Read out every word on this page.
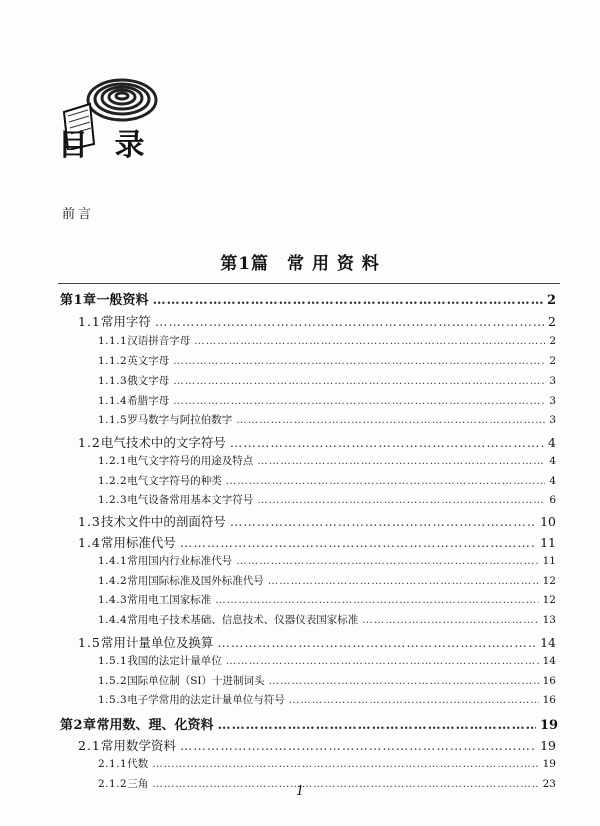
目 录
前言
第1篇　常 用 资 料
第1章 一般资料 ………………………………………………………………………………………………………………………………………………………………………………………………………………………	2
1.1 常用字符 ………………………………………………………………………………………………………………………………………………………………………………………………………………………	2
1.1.1 汉语拼音字母 ………………………………………………………………………………………………………………………………………………………………………………………………………………………	2
1.1.2 英文字母 ………………………………………………………………………………………………………………………………………………………………………………………………………………………	2
1.1.3 俄文字母 ………………………………………………………………………………………………………………………………………………………………………………………………………………………	3
1.1.4 希腊字母 ………………………………………………………………………………………………………………………………………………………………………………………………………………………	3
1.1.5 罗马数字与阿拉伯数字 ………………………………………………………………………………………………………………………………………………………………………………………………………………………	3
1.2 电气技术中的文字符号 ………………………………………………………………………………………………………………………………………………………………………………………………………………………	4
1.2.1 电气文字符号的用途及特点 ………………………………………………………………………………………………………………………………………………………………………………………………………………………	4
1.2.2 电气文字符号的种类 ………………………………………………………………………………………………………………………………………………………………………………………………………………………	4
1.2.3 电气设备常用基本文字符号 ………………………………………………………………………………………………………………………………………………………………………………………………………………………	6
1.3 技术文件中的剖面符号 ………………………………………………………………………………………………………………………………………………………………………………………………………………………	10
1.4 常用标准代号 ………………………………………………………………………………………………………………………………………………………………………………………………………………………	11
1.4.1 常用国内行业标准代号 ………………………………………………………………………………………………………………………………………………………………………………………………………………………	11
1.4.2 常用国际标准及国外标准代号 ………………………………………………………………………………………………………………………………………………………………………………………………………………………	12
1.4.3 常用电工国家标准 ………………………………………………………………………………………………………………………………………………………………………………………………………………………	12
1.4.4 常用电子技术基础、信息技术、仪器仪表国家标准 ………………………………………………………………………………………………………………………………………………………………………………………………………………………	13
1.5 常用计量单位及换算 ………………………………………………………………………………………………………………………………………………………………………………………………………………………	14
1.5.1 我国的法定计量单位 ………………………………………………………………………………………………………………………………………………………………………………………………………………………	14
1.5.2 国际单位制（SI）十进制词头 ………………………………………………………………………………………………………………………………………………………………………………………………………………………	16
1.5.3 电子学常用的法定计量单位与符号 ………………………………………………………………………………………………………………………………………………………………………………………………………………………	16
第2章 常用数、理、化资料 ………………………………………………………………………………………………………………………………………………………………………………………………………………………	19
2.1 常用数学资料 ………………………………………………………………………………………………………………………………………………………………………………………………………………………	19
2.1.1 代数 ………………………………………………………………………………………………………………………………………………………………………………………………………………………	19
2.1.2 三角 ………………………………………………………………………………………………………………………………………………………………………………………………………………………	23
1
